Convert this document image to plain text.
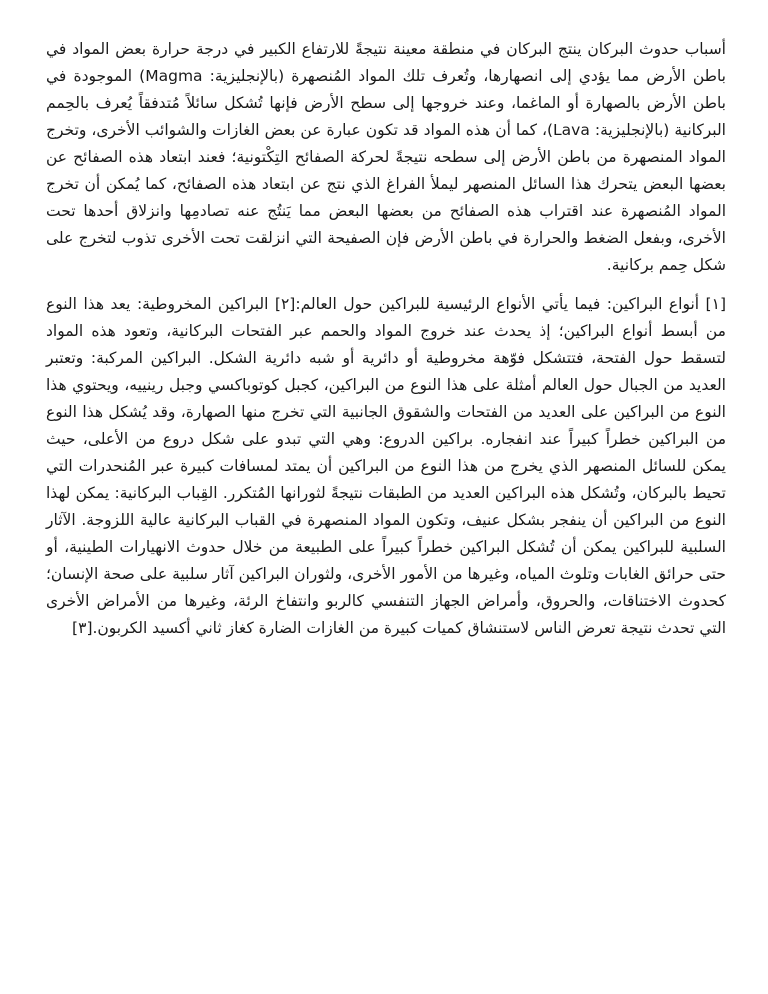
أسباب حدوث البركان ينتج البركان في منطقة معينة نتيجةً للارتفاع الكبير في درجة حرارة بعض المواد في باطن الأرض مما يؤدي إلى انصهارها، وتُعرف تلك المواد المُنصهرة (بالإنجليزية: Magma) الموجودة في باطن الأرض بالصهارة أو الماغما، وعند خروجها إلى سطح الأرض فإنها تُشكل سائلاً مُتدفقاً يُعرف بالحِمم البركانية (بالإنجليزية: Lava)، كما أن هذه المواد قد تكون عبارة عن بعض الغازات والشوائب الأخرى، وتخرج المواد المنصهرة من باطن الأرض إلى سطحه نتيجةً لحركة الصفائح التِكْتونية؛ فعند ابتعاد هذه الصفائح عن بعضها البعض يتحرك هذا السائل المنصهر ليملأ الفراغ الذي نتج عن ابتعاد هذه الصفائح، كما يُمكن أن تخرج المواد المُنصهرة عند اقتراب هذه الصفائح من بعضها البعض مما يَنتُج عنه تصادمِها وانزلاق أحدها تحت الأخرى، وبفعل الضغط والحرارة في باطن الأرض فإن الصفيحة التي انزلقت تحت الأخرى تذوب لتخرج على شكل حِمم بركانية.

[١] أنواع البراكين: فيما يأتي الأنواع الرئيسية للبراكين حول العالم:[٢] البراكين المخروطية: يعد هذا النوع من أبسط أنواع البراكين؛ إذ يحدث عند خروج المواد والحمم عبر الفتحات البركانية، وتعود هذه المواد لتسقط حول الفتحة، فتتشكل فوّهة مخروطية أو دائرية أو شبه دائرية الشكل. البراكين المركبة: وتعتبر العديد من الجبال حول العالم أمثلة على هذا النوع من البراكين، كجبل كوتوباكسي وجبل رينييه، ويحتوي هذا النوع من البراكين على العديد من الفتحات والشقوق الجانبية التي تخرج منها الصهارة، وقد يُشكل هذا النوع من البراكين خطراً كبيراً عند انفجاره. براكين الدروع: وهي التي تبدو على شكل دروع من الأعلى، حيث يمكن للسائل المنصهر الذي يخرج من هذا النوع من البراكين أن يمتد لمسافات كبيرة عبر المُنحدرات التي تحيط بالبركان، وتُشكل هذه البراكين العديد من الطبقات نتيجةً لثورانها المُتكرر. القِباب البركانية: يمكن لهذا النوع من البراكين أن ينفجر بشكل عنيف، وتكون المواد المنصهرة في القباب البركانية عالية اللزوجة. الآثار السلبية للبراكين يمكن أن تُشكل البراكين خطراً كبيراً على الطبيعة من خلال حدوث الانهيارات الطينية، أو حتى حرائق الغابات وتلوث المياه، وغيرها من الأمور الأخرى، ولثوران البراكين آثار سلبية على صحة الإنسان؛ كحدوث الاختناقات، والحروق، وأمراض الجهاز التنفسي كالربو وانتفاخ الرئة، وغيرها من الأمراض الأخرى التي تحدث نتيجة تعرض الناس لاستنشاق كميات كبيرة من الغازات الضارة كغاز ثاني أكسيد الكربون.[٣]
